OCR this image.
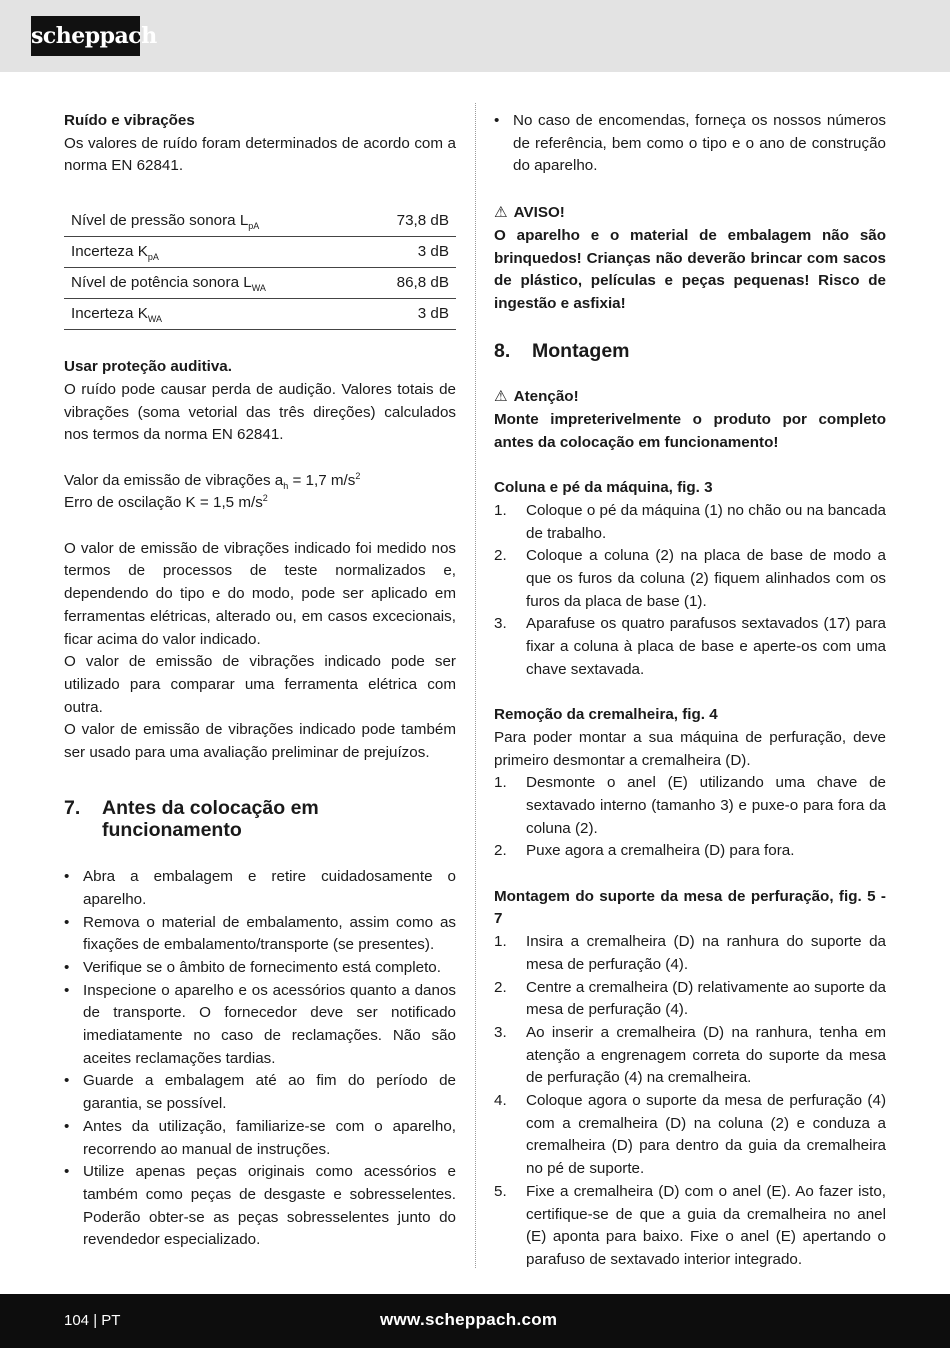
scheppach

Ruído e vibrações

Os valores de ruído foram determinados de acordo com a norma EN 62841.

Nível de pressão sonora $L_{pA}$	73,8 dB
Incerteza $K_{pA}$	3 dB
Nível de potência sonora $L_{WA}$	86,8 dB
Incerteza $K_{WA}$	3 dB

Usar proteção auditiva.

O ruído pode causar perda de audição. Valores totais de vibrações (soma vetorial das três direções) calculados nos termos da norma EN 62841.

Valor da emissão de vibrações $a_h = 1,7$ $m/s^2$

Erro de oscilação K = 1,5 $m/s^2$

O valor de emissão de vibrações indicado foi medido nos termos de processos de teste normalizados e, dependendo do tipo e do modo, pode ser aplicado em ferramentas elétricas, alterado ou, em casos excecionais, ficar acima do valor indicado.

O valor de emissão de vibrações indicado pode ser utilizado para comparar uma ferramenta elétrica com outra.

O valor de emissão de vibrações indicado pode também ser usado para uma avaliação preliminar de prejuízos.

7.	Antes da colocação em funcionamento
• Abra a embalagem e retire cuidadosamente o aparelho.
• Remova o material de embalamento, assim como as fixações de embalamento/transporte (se presentes).
• Verifique se o âmbito de fornecimento está completo.
• Inspecione o aparelho e os acessórios quanto a danos de transporte. O fornecedor deve ser notificado imediatamente no caso de reclamações. Não são aceites reclamações tardias.
• Guarde a embalagem até ao fim do período de garantia, se possível.
• Antes da utilização, familiarize-se com o aparelho, recorrendo ao manual de instruções.
• Utilize apenas peças originais como acessórios e também como peças de desgaste e sobresselentes. Poderão obter-se as peças sobresselentes junto do revendedor especializado.
• No caso de encomendas, forneça os nossos números de referência, bem como o tipo e o ano de construção do aparelho.

⚠ AVISO!

O aparelho e o material de embalagem não são brinquedos! Crianças não deverão brincar com sacos de plástico, películas e peças pequenas! Risco de ingestão e asfixia!

8.	Montagem

⚠ Atenção!

Monte impreterivelmente o produto por completo antes da colocação em funcionamento!

Coluna e pé da máquina, fig. 3

1.	Coloque o pé da máquina (1) no chão ou na bancada de trabalho.
2.	Coloque a coluna (2) na placa de base de modo a que os furos da coluna (2) fiquem alinhados com os furos da placa de base (1).
3.	Aparafuse os quatro parafusos sextavados (17) para fixar a coluna à placa de base e aperte-os com uma chave sextavada.

Remoção da cremalheira, fig. 4

Para poder montar a sua máquina de perfuração, deve primeiro desmontar a cremalheira (D).

1.	Desmonte o anel (E) utilizando uma chave de sextavado interno (tamanho 3) e puxe-o para fora da coluna (2).
2.	Puxe agora a cremalheira (D) para fora.

Montagem do suporte da mesa de perfuração, fig. 5 - 7

1.	Insira a cremalheira (D) na ranhura do suporte da mesa de perfuração (4).
2.	Centre a cremalheira (D) relativamente ao suporte da mesa de perfuração (4).
3.	Ao inserir a cremalheira (D) na ranhura, tenha em atenção a engrenagem correta do suporte da mesa de perfuração (4) na cremalheira.
4.	Coloque agora o suporte da mesa de perfuração (4) com a cremalheira (D) na coluna (2) e conduza a cremalheira (D) para dentro da guia da cremalheira no pé de suporte.
5.	Fixe a cremalheira (D) com o anel (E). Ao fazer isto, certifique-se de que a guia da cremalheira no anel (E) aponta para baixo. Fixe o anel (E) apertando o parafuso de sextavado interior integrado.
104 | PT	www.scheppach.com
